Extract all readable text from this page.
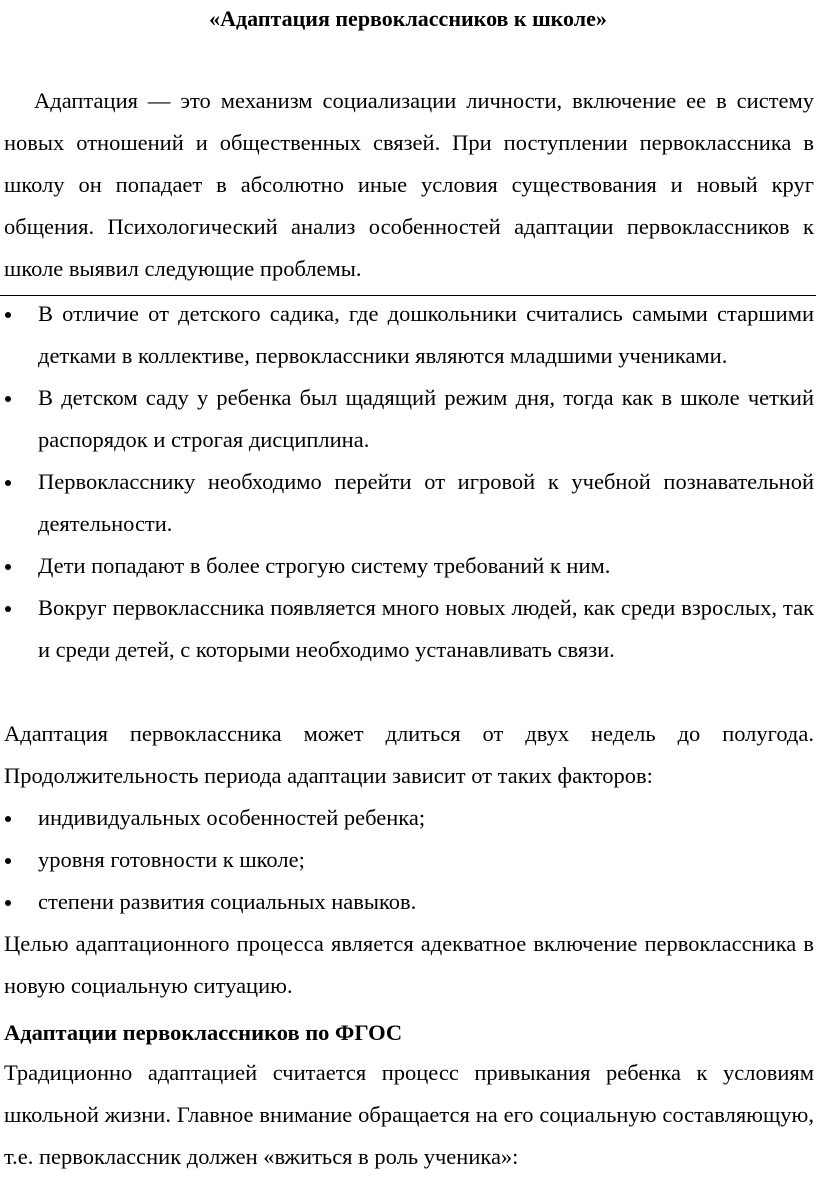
«Адаптация первоклассников к школе»

Адаптация — это механизм социализации личности, включение ее в систему новых отношений и общественных связей. При поступлении первоклассника в школу он попадает в абсолютно иные условия существования и новый круг общения. Психологический анализ особенностей адаптации первоклассников к школе выявил следующие проблемы.

В отличие от детского садика, где дошкольники считались самыми старшими детками в коллективе, первоклассники являются младшими учениками.
В детском саду у ребенка был щадящий режим дня, тогда как в школе четкий распорядок и строгая дисциплина.
Первокласснику необходимо перейти от игровой к учебной познавательной деятельности.
Дети попадают в более строгую систему требований к ним.
Вокруг первоклассника появляется много новых людей, как среди взрослых, так и среди детей, с которыми необходимо устанавливать связи.

Адаптация первоклассника может длиться от двух недель до полугода. Продолжительность периода адаптации зависит от таких факторов:

индивидуальных особенностей ребенка;
уровня готовности к школе;
степени развития социальных навыков.

Целью адаптационного процесса является адекватное включение первоклассника в новую социальную ситуацию.

Адаптации первоклассников по ФГОС

Традиционно адаптацией считается процесс привыкания ребенка к условиям школьной жизни. Главное внимание обращается на его социальную составляющую, т.е. первоклассник должен «вжиться в роль ученика»:
